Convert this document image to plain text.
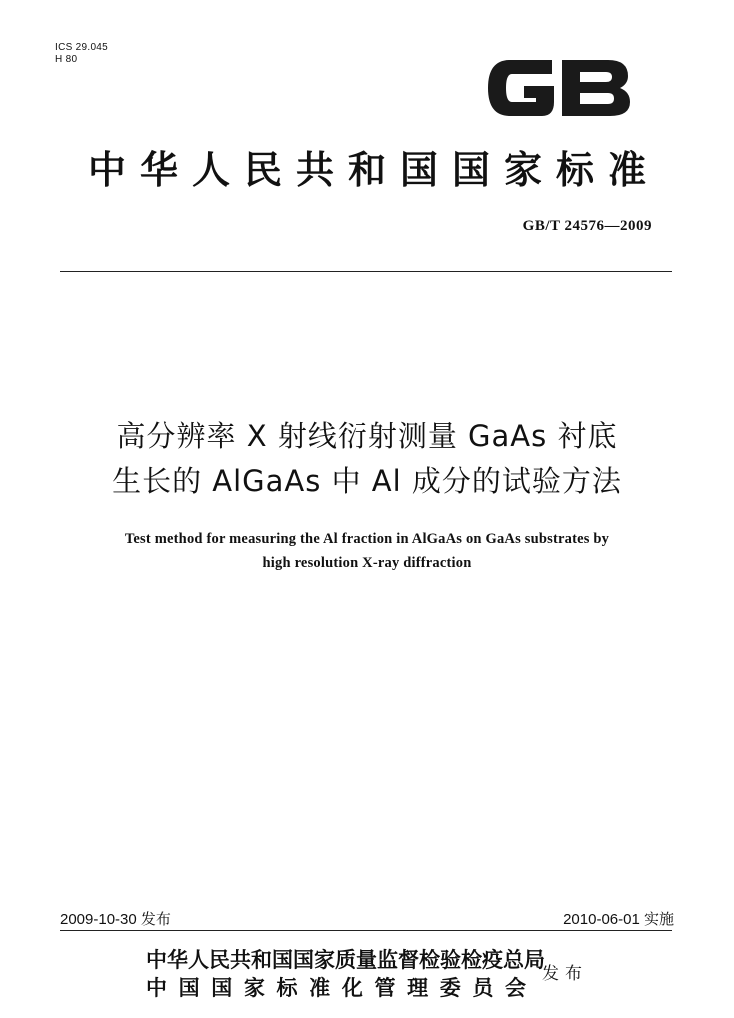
ICS 29.045
H 80
GB
中华人民共和国国家标准
GB/T 24576—2009
高分辨率 X 射线衍射测量 GaAs 衬底
生长的 AlGaAs 中 Al 成分的试验方法
Test method for measuring the Al fraction in AlGaAs on GaAs substrates by
high resolution X-ray diffraction
2009-10-30 发布	2010-06-01 实施
中华人民共和国国家质量监督检验检疫总局
中国国家标准化管理委员会
发布
